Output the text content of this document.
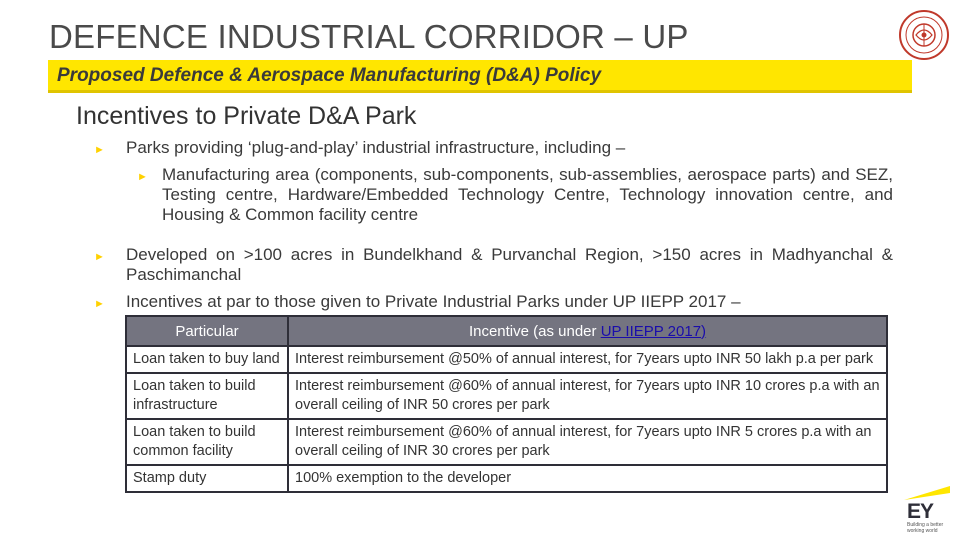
DEFENCE INDUSTRIAL CORRIDOR – UP
Proposed Defence & Aerospace Manufacturing (D&A) Policy
Incentives to Private D&A Park
► Parks providing ‘plug-and-play’ industrial infrastructure, including –
► Manufacturing area (components, sub-components, sub-assemblies, aerospace parts) and SEZ, Testing centre, Hardware/Embedded Technology Centre, Technology innovation centre, and Housing & Common facility centre
► Developed on >100 acres in Bundelkhand & Purvanchal Region, >150 acres in Madhyanchal & Paschimanchal
► Incentives at par to those given to Private Industrial Parks under UP IIEPP 2017 –
Particular	Incentive (as under UP IIEPP 2017)
Loan taken to buy land	Interest reimbursement @50% of annual interest, for 7years upto INR 50 lakh p.a per park
Loan taken to build infrastructure	Interest reimbursement @60% of annual interest, for 7years upto INR 10 crores p.a with an overall ceiling of INR 50 crores per park
Loan taken to build common facility	Interest reimbursement @60% of annual interest, for 7years upto INR 5 crores p.a with an overall ceiling of INR 30 crores per park
Stamp duty	100% exemption to the developer
EY
Building a better working world
